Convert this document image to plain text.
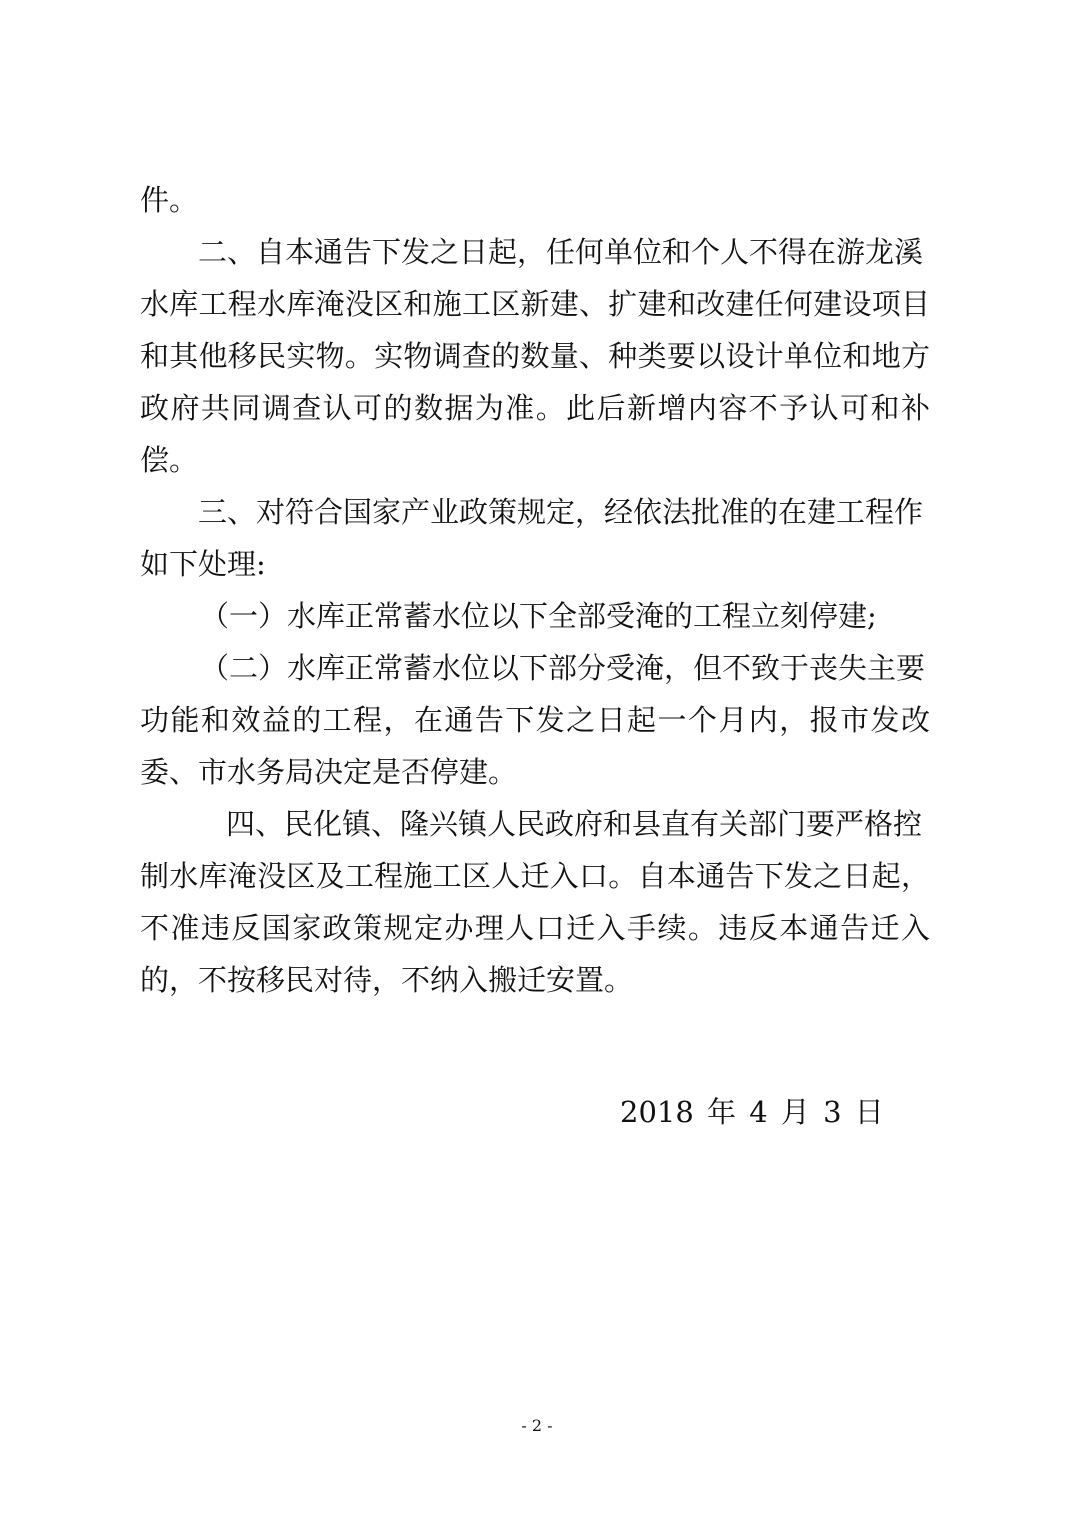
件。
二、自本通告下发之日起，任何单位和个人不得在游龙溪
水库工程水库淹没区和施工区新建、扩建和改建任何建设项目
和其他移民实物。实物调查的数量、种类要以设计单位和地方
政府共同调查认可的数据为准。此后新增内容不予认可和补
偿。
三、对符合国家产业政策规定，经依法批准的在建工程作
如下处理:
（一）水库正常蓄水位以下全部受淹的工程立刻停建;
（二）水库正常蓄水位以下部分受淹，但不致于丧失主要
功能和效益的工程，在通告下发之日起一个月内，报市发改
委、市水务局决定是否停建。
四、民化镇、隆兴镇人民政府和县直有关部门要严格控
制水库淹没区及工程施工区人迁入口。自本通告下发之日起，
不准违反国家政策规定办理人口迁入手续。违反本通告迁入
的，不按移民对待，不纳入搬迁安置。
2018 年 4 月 3 日
- 2 -
